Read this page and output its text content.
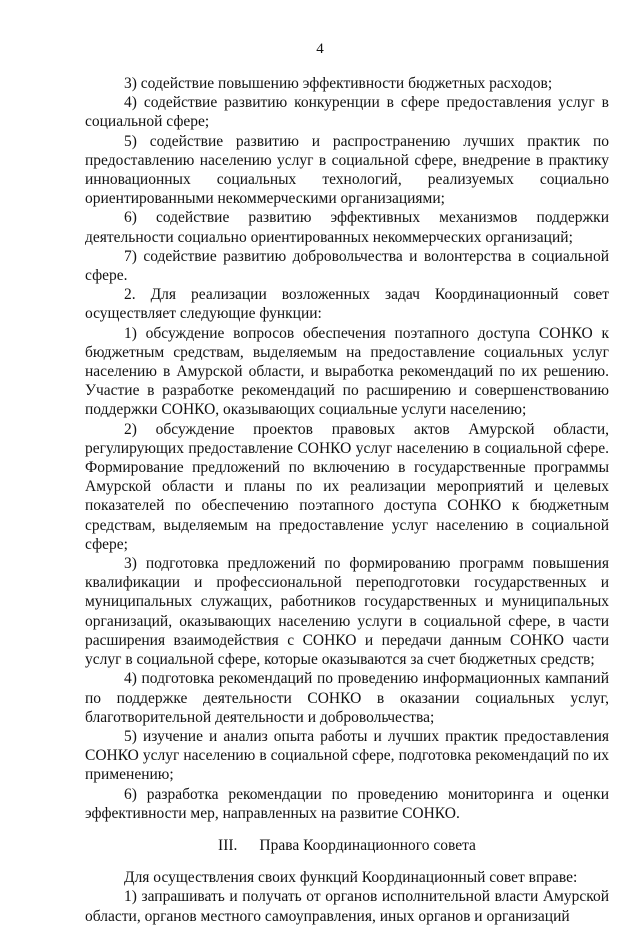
4

3) содействие повышению эффективности бюджетных расходов;

4) содействие развитию конкуренции в сфере предоставления услуг в социальной сфере;

5) содействие развитию и распространению лучших практик по предоставлению населению услуг в социальной сфере, внедрение в практику инновационных социальных технологий, реализуемых социально ориентированными некоммерческими организациями;

6) содействие развитию эффективных механизмов поддержки деятельности социально ориентированных некоммерческих организаций;

7) содействие развитию добровольчества и волонтерства в социальной сфере.

2. Для реализации возложенных задач Координационный совет осуществляет следующие функции:

1) обсуждение вопросов обеспечения поэтапного доступа СОНКО к бюджетным средствам, выделяемым на предоставление социальных услуг населению в Амурской области, и выработка рекомендаций по их решению. Участие в разработке рекомендаций по расширению и совершенствованию поддержки СОНКО, оказывающих социальные услуги населению;

2) обсуждение проектов правовых актов Амурской области, регулирующих предоставление СОНКО услуг населению в социальной сфере. Формирование предложений по включению в государственные программы Амурской области и планы по их реализации мероприятий и целевых показателей по обеспечению поэтапного доступа СОНКО к бюджетным средствам, выделяемым на предоставление услуг населению в социальной сфере;

3) подготовка предложений по формированию программ повышения квалификации и профессиональной переподготовки государственных и муниципальных служащих, работников государственных и муниципальных организаций, оказывающих населению услуги в социальной сфере, в части расширения взаимодействия с СОНКО и передачи данным СОНКО части услуг в социальной сфере, которые оказываются за счет бюджетных средств;

4) подготовка рекомендаций по проведению информационных кампаний по поддержке деятельности СОНКО в оказании социальных услуг, благотворительной деятельности и добровольчества;

5) изучение и анализ опыта работы и лучших практик предоставления СОНКО услуг населению в социальной сфере, подготовка рекомендаций по их применению;

6) разработка рекомендации по проведению мониторинга и оценки эффективности мер, направленных на развитие СОНКО.

III. Права Координационного совета

Для осуществления своих функций Координационный совет вправе:

1) запрашивать и получать от органов исполнительной власти Амурской области, органов местного самоуправления, иных органов и организаций
